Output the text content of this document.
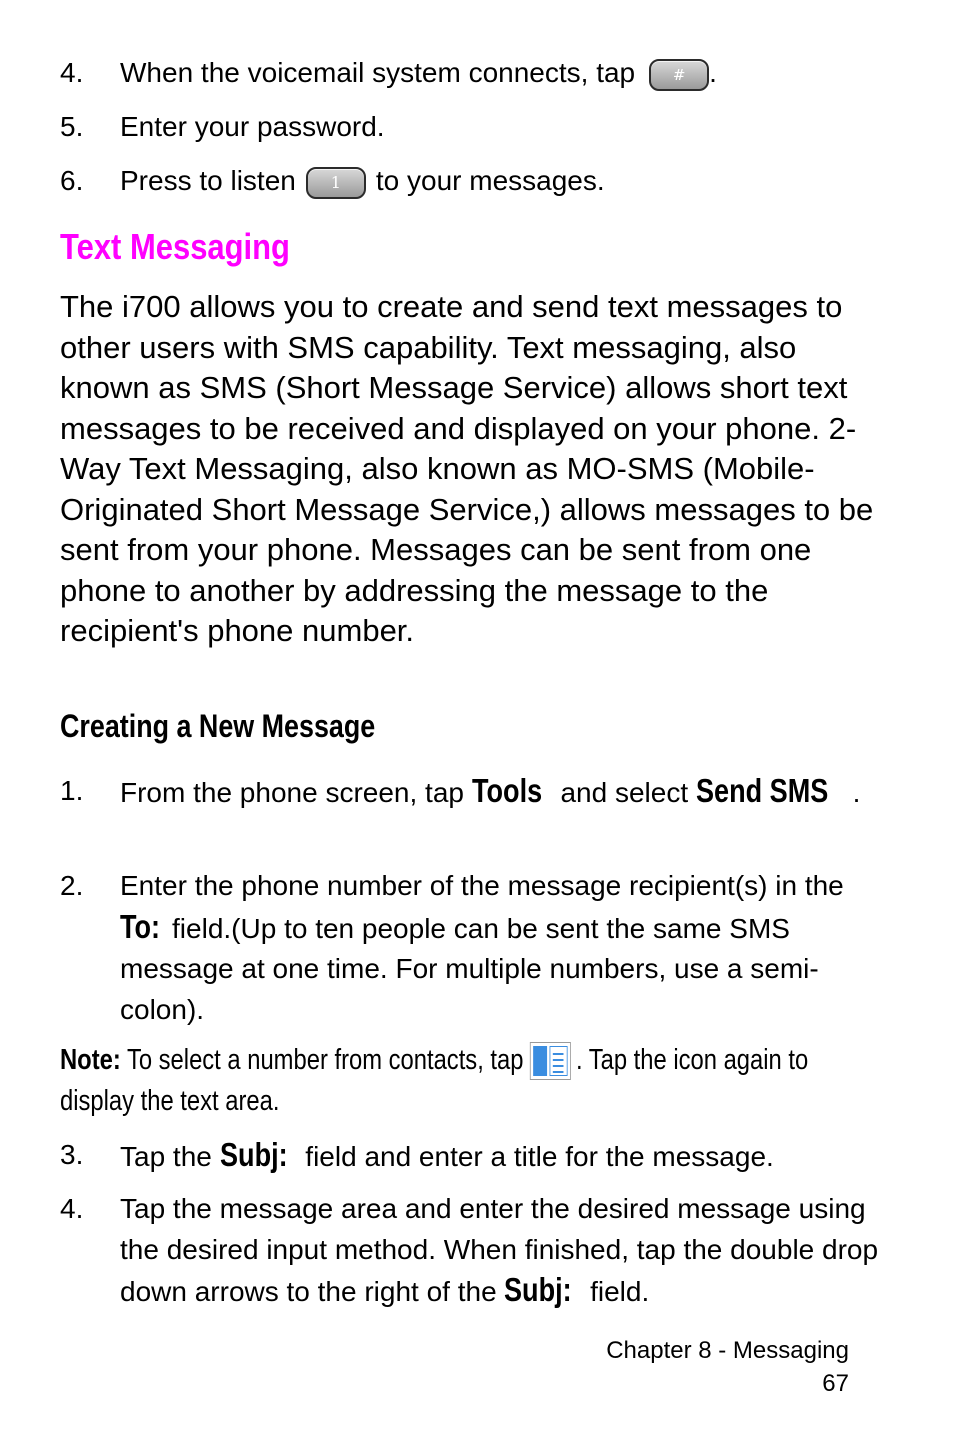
4.	When the voicemail system connects, tap	# .
5.	Enter your password.
6.	Press to listen 1 to your messages.
Text Messaging
The i700 allows you to create and send text messages to other users with SMS capability. Text messaging, also known as SMS (Short Message Service) allows short text messages to be received and displayed on your phone. 2-Way Text Messaging, also known as MO-SMS (Mobile-Originated Short Message Service,) allows messages to be sent from your phone. Messages can be sent from one phone to another by addressing the message to the recipient's phone number.
Creating a New Message
1.	From the phone screen, tap Tools and select Send SMS .
2.	Enter the phone number of the message recipient(s) in the To: field.(Up to ten people can be sent the same SMS message at one time. For multiple numbers, use a semi-colon).
Note: To select a number from contacts, tap . Tap the icon again to display the text area.
3.	Tap the Subj: field and enter a title for the message.
4.	Tap the message area and enter the desired message using the desired input method. When finished, tap the double drop down arrows to the right of the Subj: field.
Chapter 8 - Messaging
67
